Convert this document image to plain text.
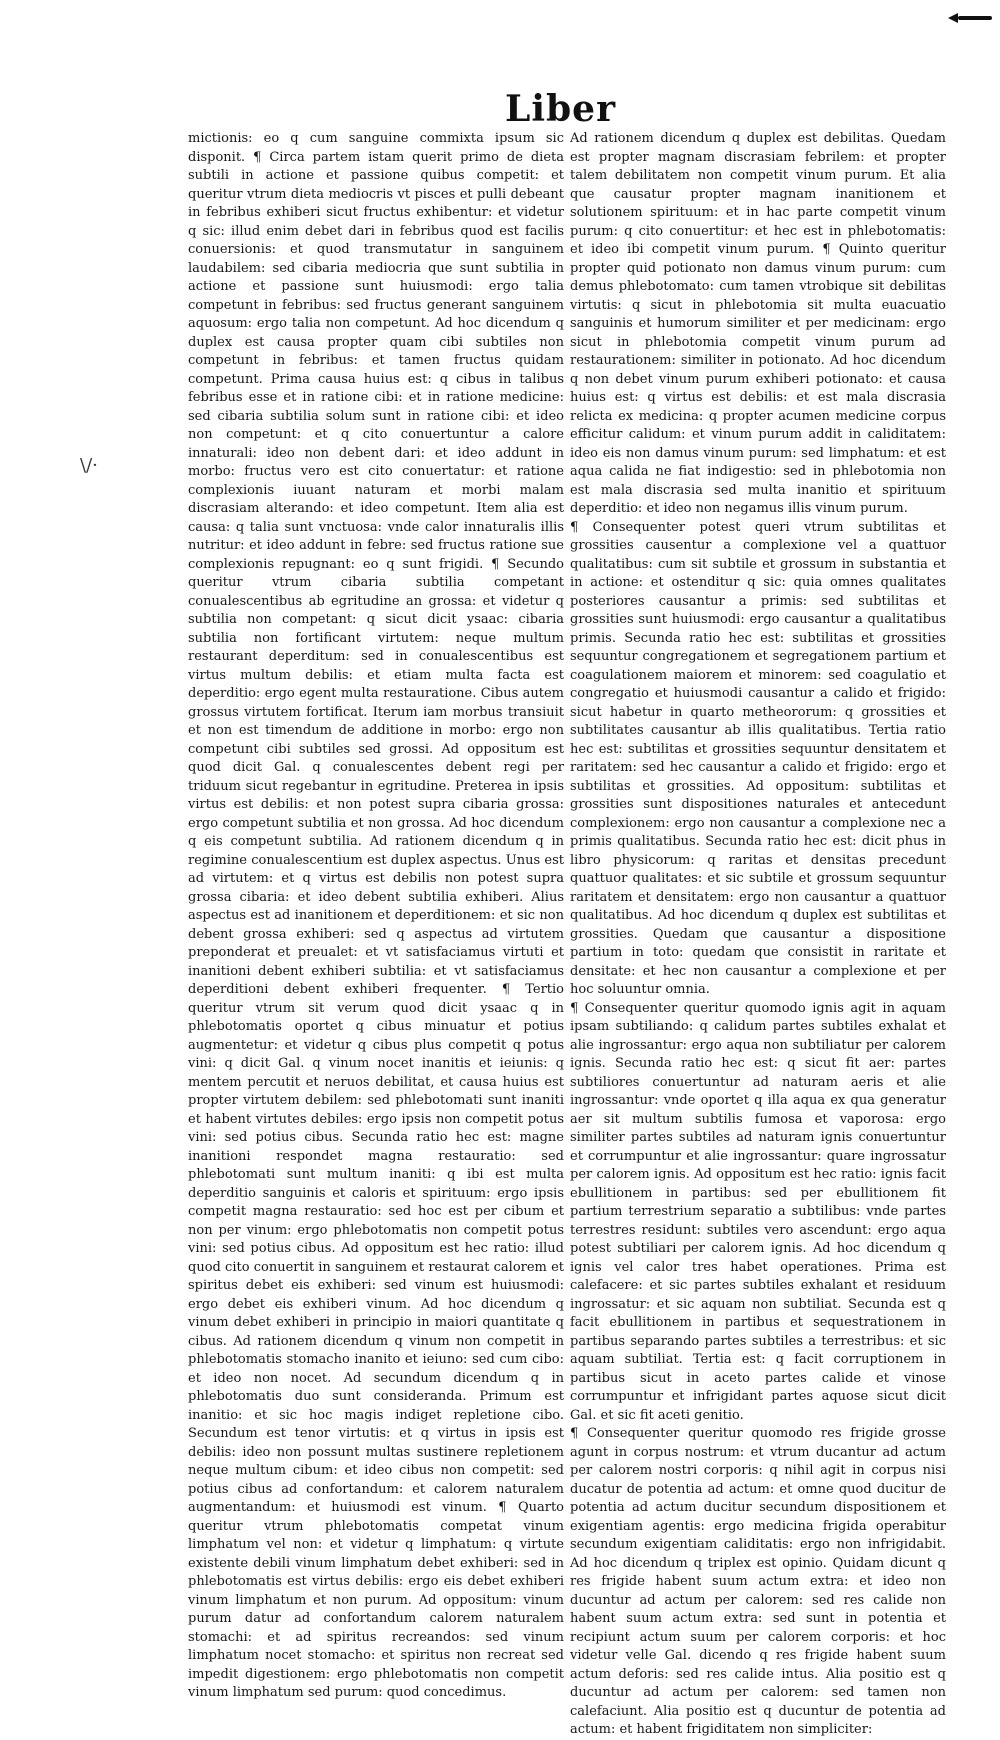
Liber
\/·

mictionis: eo q cum sanguine commixta ipsum sic disponit. ¶ Circa partem istam querit primo de dieta subtili in actione et passione quibus competit: et queritur vtrum dieta mediocris vt pisces et pulli debeant in febribus exhiberi sicut fructus exhibentur: et videtur q sic: illud enim debet dari in febribus quod est facilis conuersionis: et quod transmutatur in sanguinem laudabilem: sed cibaria mediocria que sunt subtilia in actione et passione sunt huiusmodi: ergo talia competunt in febribus: sed fructus generant sanguinem aquosum: ergo talia non competunt. Ad hoc dicendum q duplex est causa propter quam cibi subtiles non competunt in febribus: et tamen fructus quidam competunt. Prima causa huius est: q cibus in talibus febribus esse et in ratione cibi: et in ratione medicine: sed cibaria subtilia solum sunt in ratione cibi: et ideo non competunt: et q cito conuertuntur a calore innaturali: ideo non debent dari: et ideo addunt in morbo: fructus vero est cito conuertatur: et ratione complexionis iuuant naturam et morbi malam discrasiam alterando: et ideo competunt. Item alia est causa: q talia sunt vnctuosa: vnde calor innaturalis illis nutritur: et ideo addunt in febre: sed fructus ratione sue complexionis repugnant: eo q sunt frigidi. ¶ Secundo queritur vtrum cibaria subtilia competant conualescentibus ab egritudine an grossa: et videtur q subtilia non competant: q sicut dicit ysaac: cibaria subtilia non fortificant virtutem: neque multum restaurant deperditum: sed in conualescentibus est virtus multum debilis: et etiam multa facta est deperditio: ergo egent multa restauratione. Cibus autem grossus virtutem fortificat. Iterum iam morbus transiuit et non est timendum de additione in morbo: ergo non competunt cibi subtiles sed grossi. Ad oppositum est quod dicit Gal. q conualescentes debent regi per triduum sicut regebantur in egritudine. Preterea in ipsis virtus est debilis: et non potest supra cibaria grossa: ergo competunt subtilia et non grossa. Ad hoc dicendum q eis competunt subtilia. Ad rationem dicendum q in regimine conualescentium est duplex aspectus. Unus est ad virtutem: et q virtus est debilis non potest supra grossa cibaria: et ideo debent subtilia exhiberi. Alius aspectus est ad inanitionem et deperditionem: et sic non debent grossa exhiberi: sed q aspectus ad virtutem preponderat et preualet: et vt satisfaciamus virtuti et inanitioni debent exhiberi subtilia: et vt satisfaciamus deperditioni debent exhiberi frequenter. ¶ Tertio queritur vtrum sit verum quod dicit ysaac q in phlebotomatis oportet q cibus minuatur et potius augmentetur: et videtur q cibus plus competit q potus vini: q dicit Gal. q vinum nocet inanitis et ieiunis: q mentem percutit et neruos debilitat, et causa huius est propter virtutem debilem: sed phlebotomati sunt inaniti et habent virtutes debiles: ergo ipsis non competit potus vini: sed potius cibus. Secunda ratio hec est: magne inanitioni respondet magna restauratio: sed phlebotomati sunt multum inaniti: q ibi est multa deperditio sanguinis et caloris et spirituum: ergo ipsis competit magna restauratio: sed hoc est per cibum et non per vinum: ergo phlebotomatis non competit potus vini: sed potius cibus. Ad oppositum est hec ratio: illud quod cito conuertit in sanguinem et restaurat calorem et spiritus debet eis exhiberi: sed vinum est huiusmodi: ergo debet eis exhiberi vinum. Ad hoc dicendum q vinum debet exhiberi in principio in maiori quantitate q cibus. Ad rationem dicendum q vinum non competit in phlebotomatis stomacho inanito et ieiuno: sed cum cibo: et ideo non nocet. Ad secundum dicendum q in phlebotomatis duo sunt consideranda. Primum est inanitio: et sic hoc magis indiget repletione cibo. Secundum est tenor virtutis: et q virtus in ipsis est debilis: ideo non possunt multas sustinere repletionem neque multum cibum: et ideo cibus non competit: sed potius cibus ad confortandum: et calorem naturalem augmentandum: et huiusmodi est vinum. ¶ Quarto queritur vtrum phlebotomatis competat vinum limphatum vel non: et videtur q limphatum: q virtute existente debili vinum limphatum debet exhiberi: sed in phlebotomatis est virtus debilis: ergo eis debet exhiberi vinum limphatum et non purum. Ad oppositum: vinum purum datur ad confortandum calorem naturalem stomachi: et ad spiritus recreandos: sed vinum limphatum nocet stomacho: et spiritus non recreat sed impedit digestionem: ergo phlebotomatis non competit vinum limphatum sed purum: quod concedimus.

Ad rationem dicendum q duplex est debilitas. Quedam est propter magnam discrasiam febrilem: et propter talem debilitatem non competit vinum purum. Et alia que causatur propter magnam inanitionem et solutionem spirituum: et in hac parte competit vinum purum: q cito conuertitur: et hec est in phlebotomatis: et ideo ibi competit vinum purum. ¶ Quinto queritur propter quid potionato non damus vinum purum: cum demus phlebotomato: cum tamen vtrobique sit debilitas virtutis: q sicut in phlebotomia sit multa euacuatio sanguinis et humorum similiter et per medicinam: ergo sicut in phlebotomia competit vinum purum ad restaurationem: similiter in potionato. Ad hoc dicendum q non debet vinum purum exhiberi potionato: et causa huius est: q virtus est debilis: et est mala discrasia relicta ex medicina: q propter acumen medicine corpus efficitur calidum: et vinum purum addit in caliditatem: ideo eis non damus vinum purum: sed limphatum: et est aqua calida ne fiat indigestio: sed in phlebotomia non est mala discrasia sed multa inanitio et spirituum deperditio: et ideo non negamus illis vinum purum.

¶ Consequenter potest queri vtrum subtilitas et grossities causentur a complexione vel a quattuor qualitatibus: cum sit subtile et grossum in substantia et in actione: et ostenditur q sic: quia omnes qualitates posteriores causantur a primis: sed subtilitas et grossities sunt huiusmodi: ergo causantur a qualitatibus primis. Secunda ratio hec est: subtilitas et grossities sequuntur congregationem et segregationem partium et coagulationem maiorem et minorem: sed coagulatio et congregatio et huiusmodi causantur a calido et frigido: sicut habetur in quarto metheororum: q grossities et subtilitates causantur ab illis qualitatibus. Tertia ratio hec est: subtilitas et grossities sequuntur densitatem et raritatem: sed hec causantur a calido et frigido: ergo et subtilitas et grossities. Ad oppositum: subtilitas et grossities sunt dispositiones naturales et antecedunt complexionem: ergo non causantur a complexione nec a primis qualitatibus. Secunda ratio hec est: dicit phus in libro physicorum: q raritas et densitas precedunt quattuor qualitates: et sic subtile et grossum sequuntur raritatem et densitatem: ergo non causantur a quattuor qualitatibus. Ad hoc dicendum q duplex est subtilitas et grossities. Quedam que causantur a dispositione partium in toto: quedam que consistit in raritate et densitate: et hec non causantur a complexione et per hoc soluuntur omnia.

¶ Consequenter queritur quomodo ignis agit in aquam ipsam subtiliando: q calidum partes subtiles exhalat et alie ingrossantur: ergo aqua non subtiliatur per calorem ignis. Secunda ratio hec est: q sicut fit aer: partes subtiliores conuertuntur ad naturam aeris et alie ingrossantur: vnde oportet q illa aqua ex qua generatur aer sit multum subtilis fumosa et vaporosa: ergo similiter partes subtiles ad naturam ignis conuertuntur et corrumpuntur et alie ingrossantur: quare ingrossatur per calorem ignis. Ad oppositum est hec ratio: ignis facit ebullitionem in partibus: sed per ebullitionem fit partium terrestrium separatio a subtilibus: vnde partes terrestres residunt: subtiles vero ascendunt: ergo aqua potest subtiliari per calorem ignis. Ad hoc dicendum q ignis vel calor tres habet operationes. Prima est calefacere: et sic partes subtiles exhalant et residuum ingrossatur: et sic aquam non subtiliat. Secunda est q facit ebullitionem in partibus et sequestrationem in partibus separando partes subtiles a terrestribus: et sic aquam subtiliat. Tertia est: q facit corruptionem in partibus sicut in aceto partes calide et vinose corrumpuntur et infrigidant partes aquose sicut dicit Gal. et sic fit aceti genitio.

¶ Consequenter queritur quomodo res frigide grosse agunt in corpus nostrum: et vtrum ducantur ad actum per calorem nostri corporis: q nihil agit in corpus nisi ducatur de potentia ad actum: et omne quod ducitur de potentia ad actum ducitur secundum dispositionem et exigentiam agentis: ergo medicina frigida operabitur secundum exigentiam caliditatis: ergo non infrigidabit. Ad hoc dicendum q triplex est opinio. Quidam dicunt q res frigide habent suum actum extra: et ideo non ducuntur ad actum per calorem: sed res calide non habent suum actum extra: sed sunt in potentia et recipiunt actum suum per calorem corporis: et hoc videtur velle Gal. dicendo q res frigide habent suum actum deforis: sed res calide intus. Alia positio est q ducuntur ad actum per calorem: sed tamen non calefaciunt. Alia positio est q ducuntur de potentia ad actum: et habent frigiditatem non simpliciter:
